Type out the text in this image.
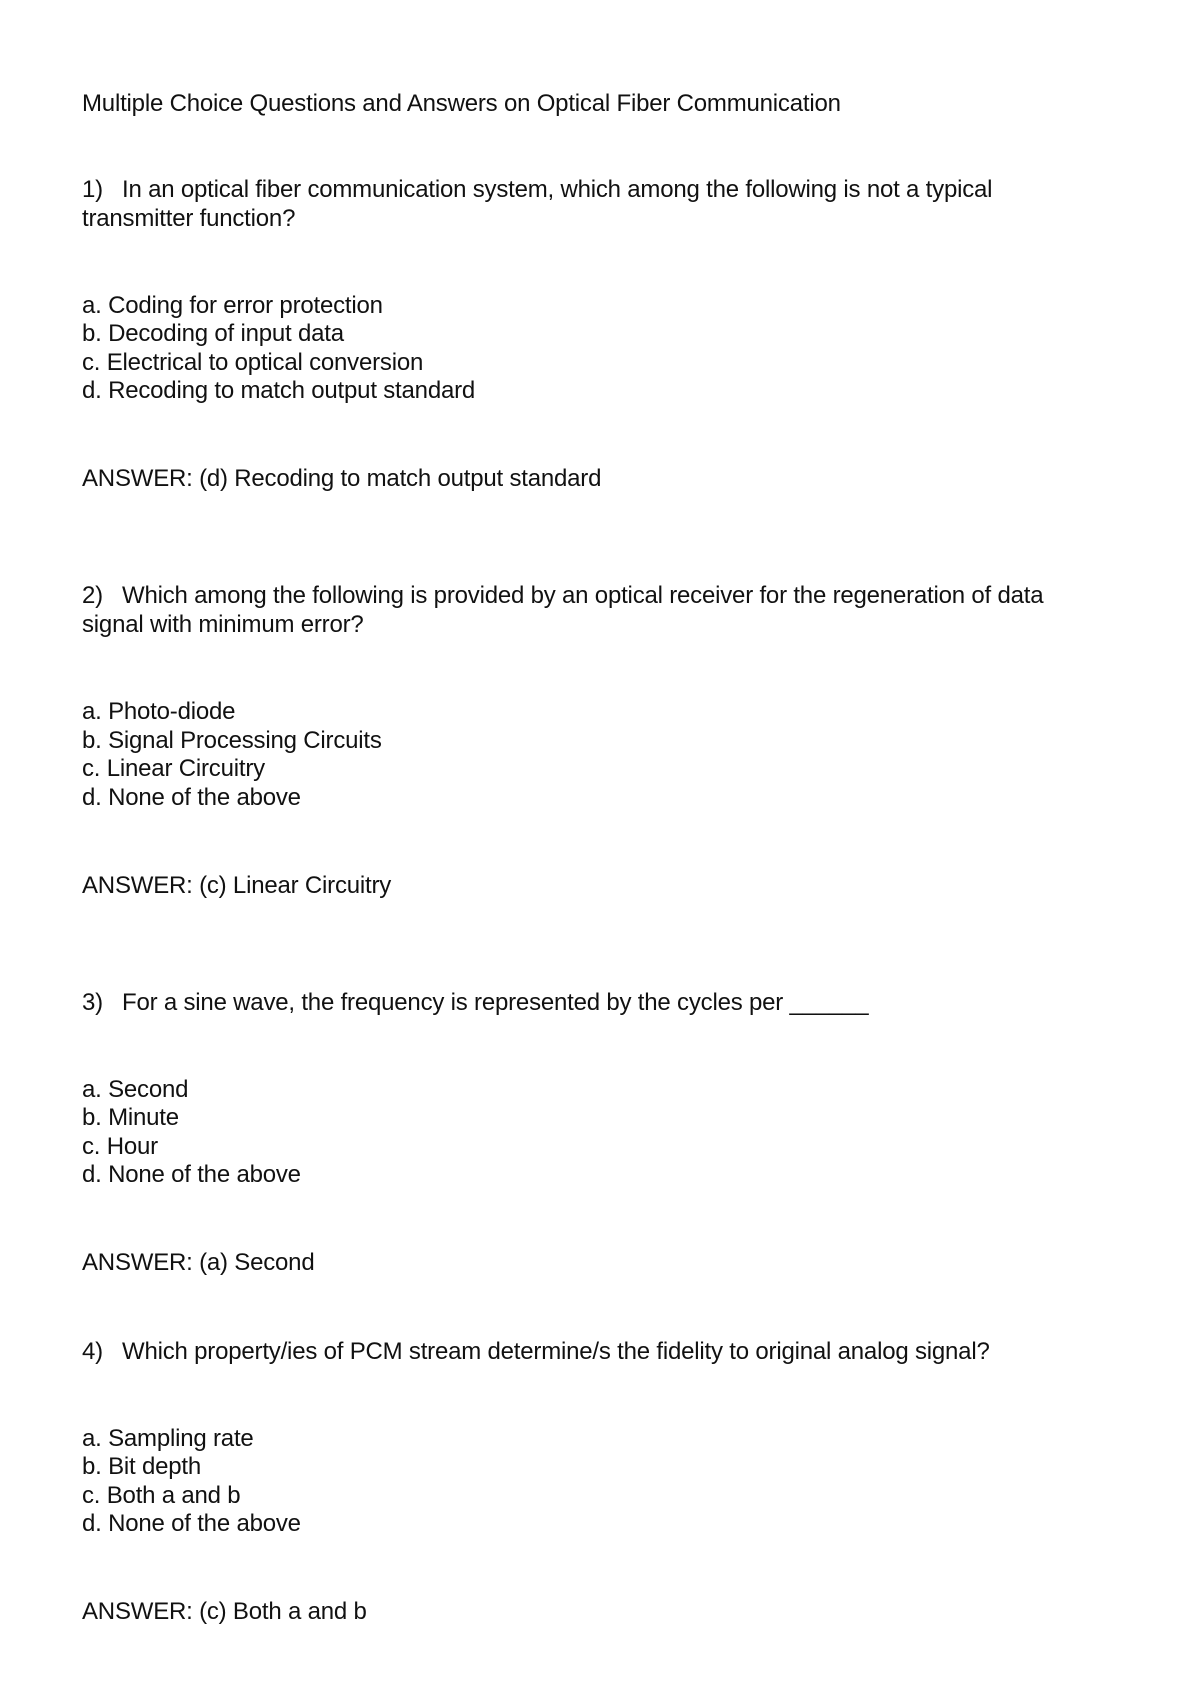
Multiple Choice Questions and Answers on Optical Fiber Communication
1) In an optical fiber communication system, which among the following is not a typical
transmitter function?
a. Coding for error protection
b. Decoding of input data
c. Electrical to optical conversion
d. Recoding to match output standard
ANSWER: (d) Recoding to match output standard
2) Which among the following is provided by an optical receiver for the regeneration of data
signal with minimum error?
a. Photo-diode
b. Signal Processing Circuits
c. Linear Circuitry
d. None of the above
ANSWER: (c) Linear Circuitry
3) For a sine wave, the frequency is represented by the cycles per ______
a. Second
b. Minute
c. Hour
d. None of the above
ANSWER: (a) Second
4) Which property/ies of PCM stream determine/s the fidelity to original analog signal?
a. Sampling rate
b. Bit depth
c. Both a and b
d. None of the above
ANSWER: (c) Both a and b
